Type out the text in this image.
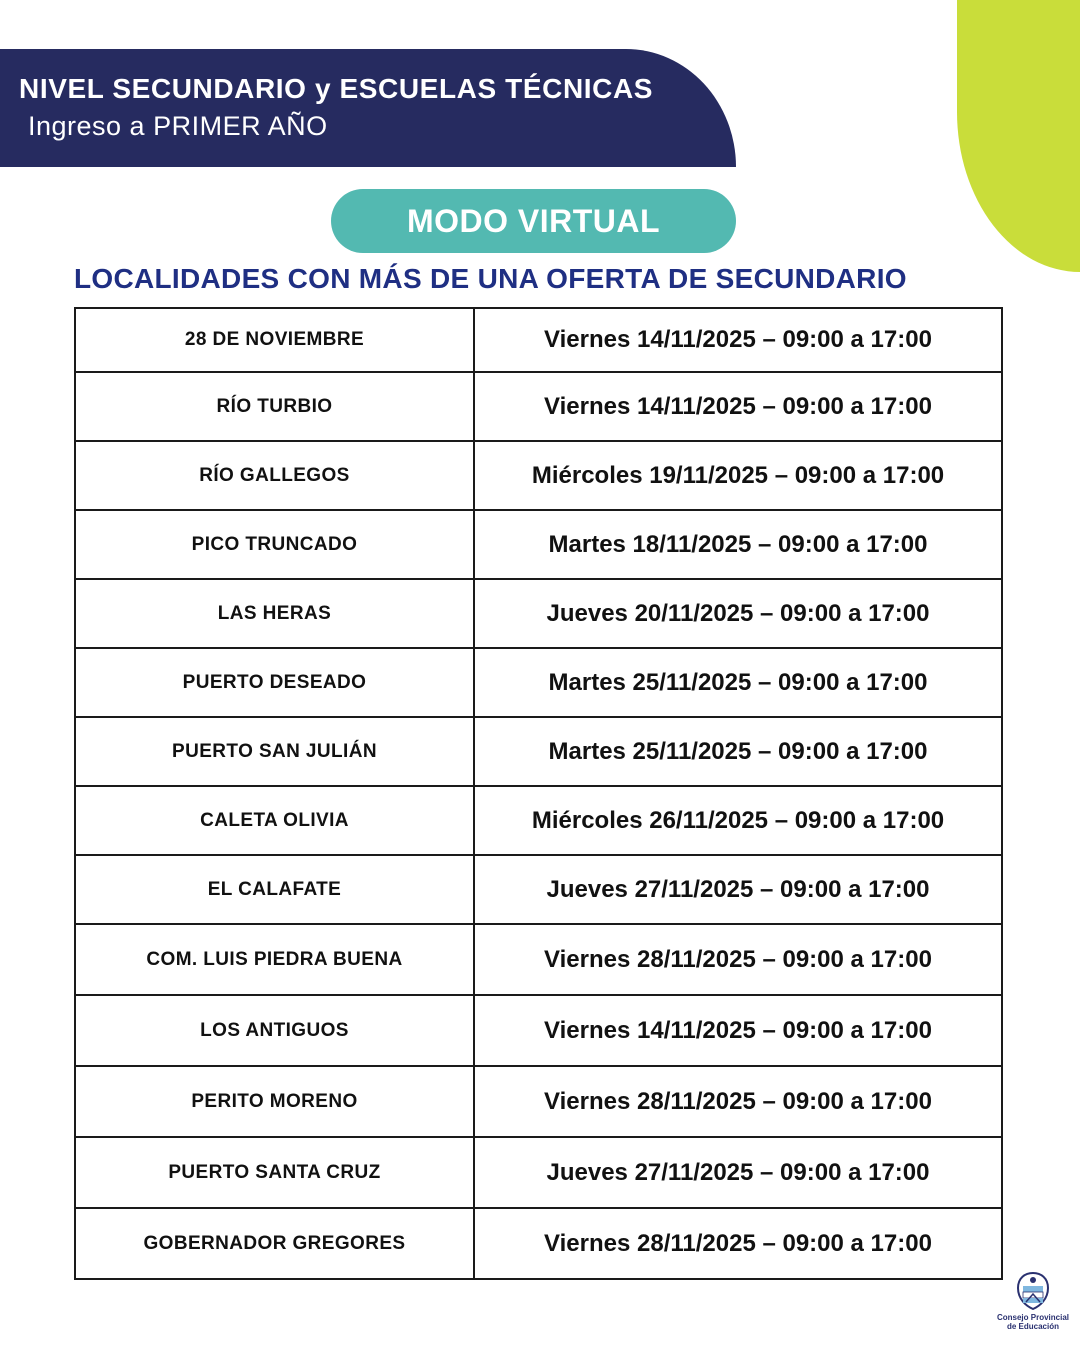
NIVEL SECUNDARIO y ESCUELAS TÉCNICAS
Ingreso a PRIMER AÑO
MODO VIRTUAL
LOCALIDADES CON MÁS DE UNA OFERTA DE SECUNDARIO
28 DE NOVIEMBRE	Viernes 14/11/2025 – 09:00 a 17:00
RÍO TURBIO	Viernes 14/11/2025 – 09:00 a 17:00
RÍO GALLEGOS	Miércoles 19/11/2025 – 09:00 a 17:00
PICO TRUNCADO	Martes 18/11/2025 – 09:00 a 17:00
LAS HERAS	Jueves 20/11/2025 – 09:00 a 17:00
PUERTO DESEADO	Martes 25/11/2025 – 09:00 a 17:00
PUERTO SAN JULIÁN	Martes 25/11/2025 – 09:00 a 17:00
CALETA OLIVIA	Miércoles 26/11/2025 – 09:00 a 17:00
EL CALAFATE	Jueves 27/11/2025 – 09:00 a 17:00
COM. LUIS PIEDRA BUENA	Viernes 28/11/2025 – 09:00 a 17:00
LOS ANTIGUOS	Viernes 14/11/2025 – 09:00 a 17:00
PERITO MORENO	Viernes 28/11/2025 – 09:00 a 17:00
PUERTO SANTA CRUZ	Jueves 27/11/2025 – 09:00 a 17:00
GOBERNADOR GREGORES	Viernes 28/11/2025 – 09:00 a 17:00
Consejo Provincial
de Educación
